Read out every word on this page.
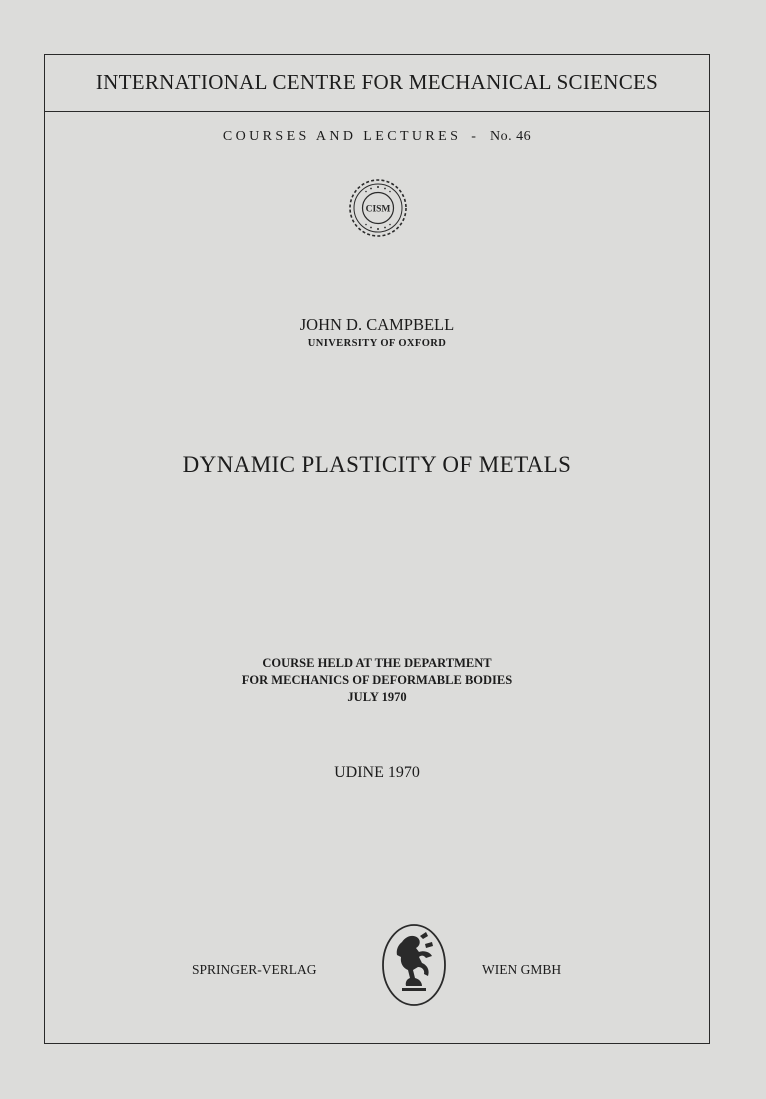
INTERNATIONAL CENTRE FOR MECHANICAL SCIENCES
COURSES AND LECTURES - No. 46
CISM
JOHN D. CAMPBELL
UNIVERSITY OF OXFORD
DYNAMIC PLASTICITY OF METALS
COURSE HELD AT THE DEPARTMENT
FOR MECHANICS OF DEFORMABLE BODIES
JULY 1970
UDINE 1970
SPRINGER-VERLAG	WIEN GMBH
